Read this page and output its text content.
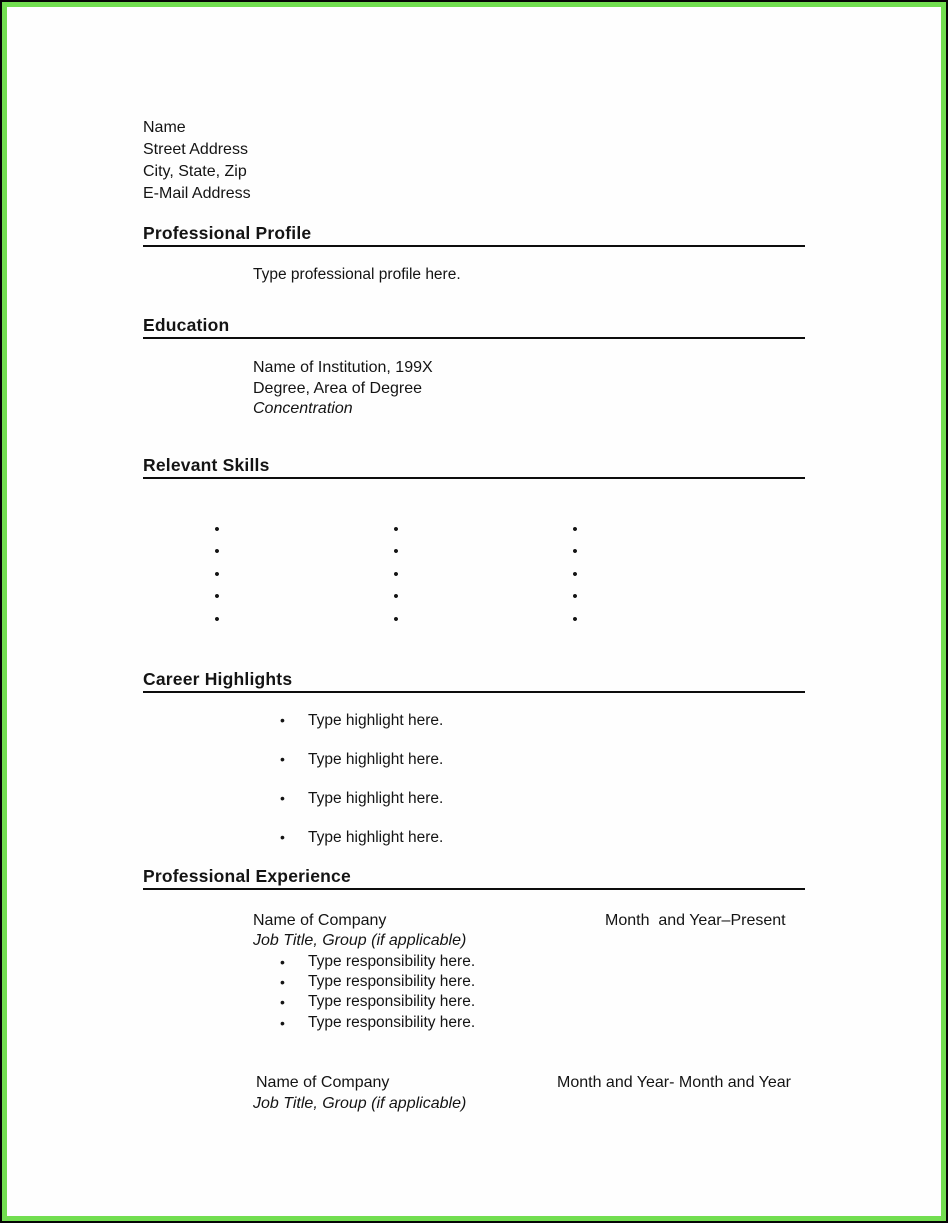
Name
Street Address
City, State, Zip
E-Mail Address
Professional Profile
Type professional profile here.
Education
Name of Institution, 199X
Degree, Area of Degree
Concentration
Relevant Skills
•
•
•
•
•
•
•
•
•
•
•
•
•
•
•
Career Highlights
•	Type highlight here.
•	Type highlight here.
•	Type highlight here.
•	Type highlight here.
Professional Experience
Name of Company	Month  and Year–Present
Job Title, Group (if applicable)
•	Type responsibility here.
•	Type responsibility here.
•	Type responsibility here.
•	Type responsibility here.
Name of Company	Month and Year- Month and Year
Job Title, Group (if applicable)
